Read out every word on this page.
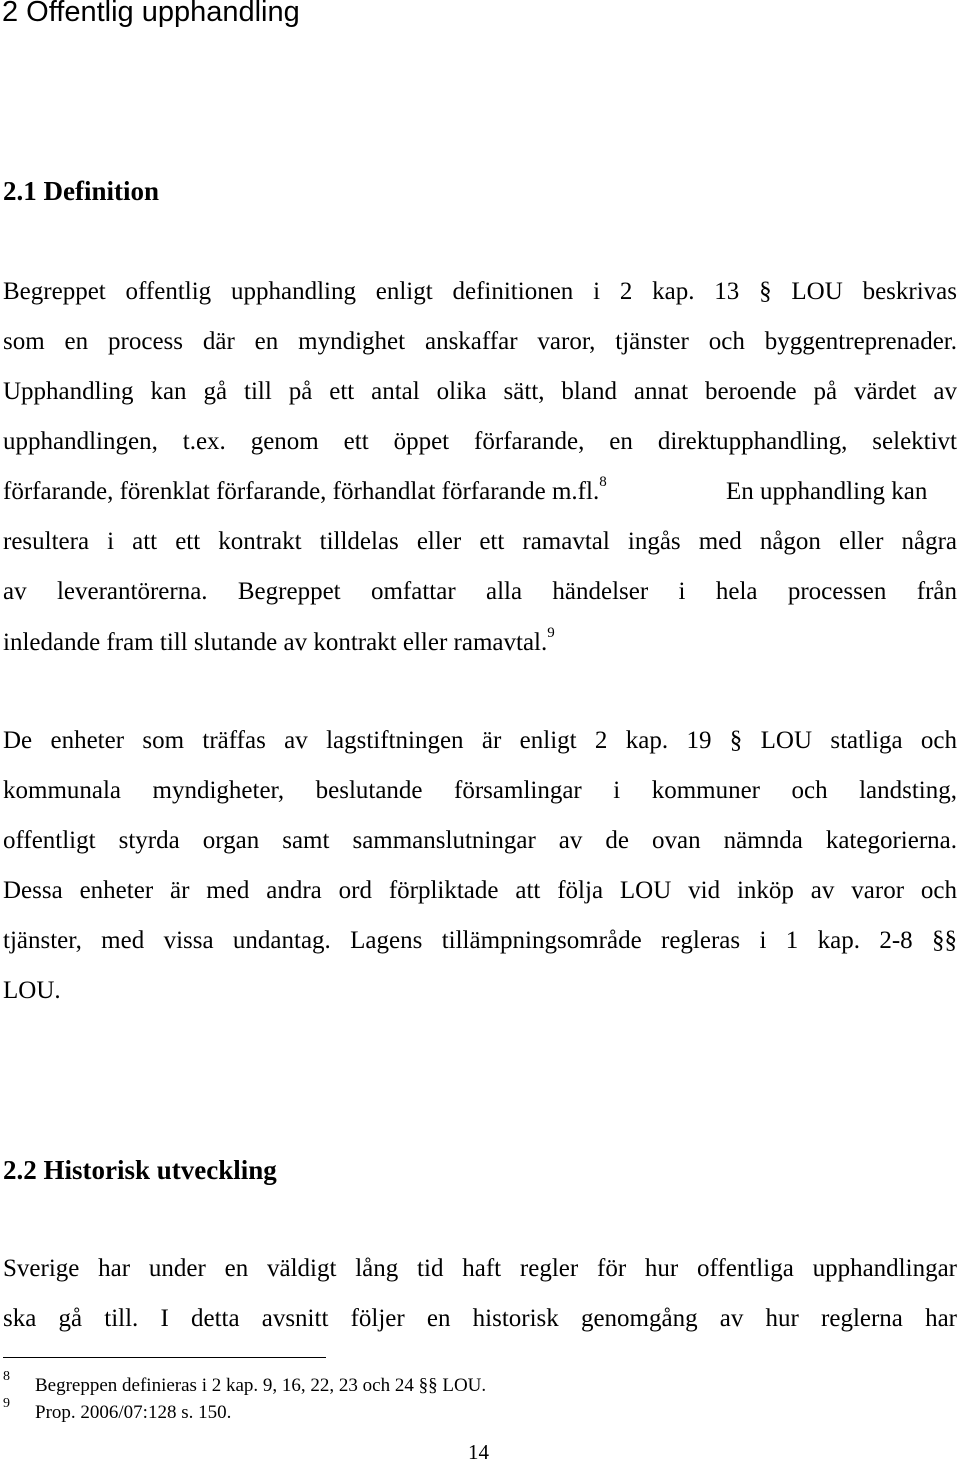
2 Offentlig upphandling
2.1 Definition
Begreppet offentlig upphandling enligt definitionen i 2 kap. 13 § LOU beskrivas
som en process där en myndighet anskaffar varor, tjänster och byggentreprenader.
Upphandling kan gå till på ett antal olika sätt, bland annat beroende på värdet av
upphandlingen, t.ex. genom ett öppet förfarande, en direktupphandling, selektivt
förfarande, förenklat förfarande, förhandlat förfarande m.fl.$^8$	En upphandling kan
resultera i att ett kontrakt tilldelas eller ett ramavtal ingås med någon eller några
av leverantörerna. Begreppet omfattar alla händelser i hela processen från
inledande fram till slutande av kontrakt eller ramavtal.$^9$
De enheter som träffas av lagstiftningen är enligt 2 kap. 19 § LOU statliga och
kommunala myndigheter, beslutande församlingar i kommuner och landsting,
offentligt styrda organ samt sammanslutningar av de ovan nämnda kategorierna.
Dessa enheter är med andra ord förpliktade att följa LOU vid inköp av varor och
tjänster, med vissa undantag. Lagens tillämpningsområde regleras i 1 kap. 2-8 §§
LOU.
2.2 Historisk utveckling
Sverige har under en väldigt lång tid haft regler för hur offentliga upphandlingar
ska gå till. I detta avsnitt följer en historisk genomgång av hur reglerna har
8 Begreppen definieras i 2 kap. 9, 16, 22, 23 och 24 §§ LOU.
9 Prop. 2006/07:128 s. 150.
14
